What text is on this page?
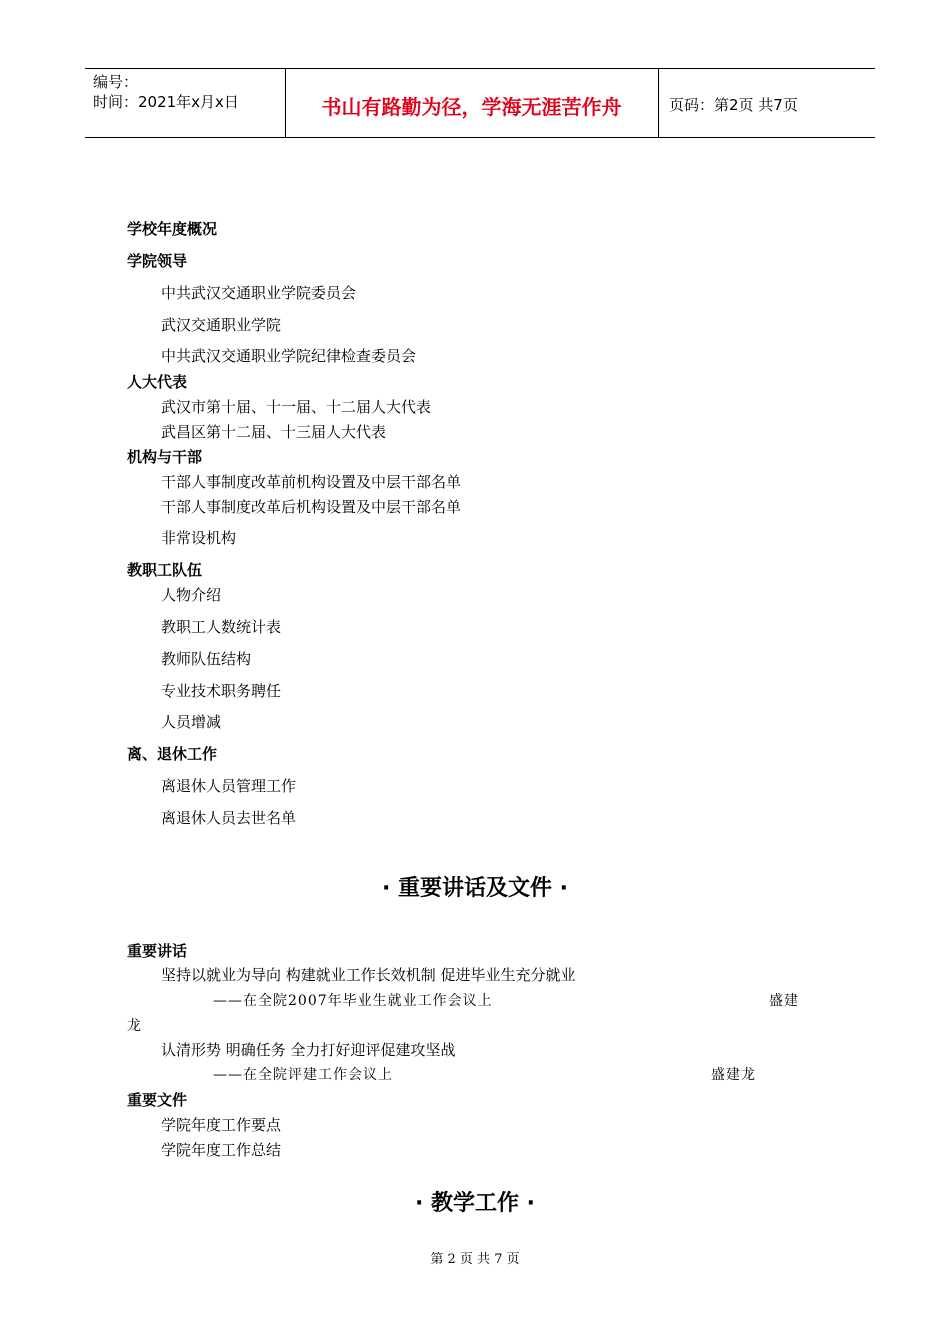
编号：
时间：2021年x月x日	书山有路勤为径，学海无涯苦作舟	页码：第2页 共7页
学校年度概况
学院领导
中共武汉交通职业学院委员会
武汉交通职业学院
中共武汉交通职业学院纪律检查委员会
人大代表
武汉市第十届、十一届、十二届人大代表
武昌区第十二届、十三届人大代表
机构与干部
干部人事制度改革前机构设置及中层干部名单
干部人事制度改革后机构设置及中层干部名单
非常设机构
教职工队伍
人物介绍
教职工人数统计表
教师队伍结构
专业技术职务聘任
人员增减
离、退休工作
离退休人员管理工作
离退休人员去世名单
· 重要讲话及文件 ·
重要讲话
坚持以就业为导向 构建就业工作长效机制 促进毕业生充分就业
——在全院2007年毕业生就业工作会议上	盛建
龙
认清形势 明确任务 全力打好迎评促建攻坚战
——在全院评建工作会议上	盛建龙
重要文件
学院年度工作要点
学院年度工作总结
· 教学工作 ·
第 2 页 共 7 页
